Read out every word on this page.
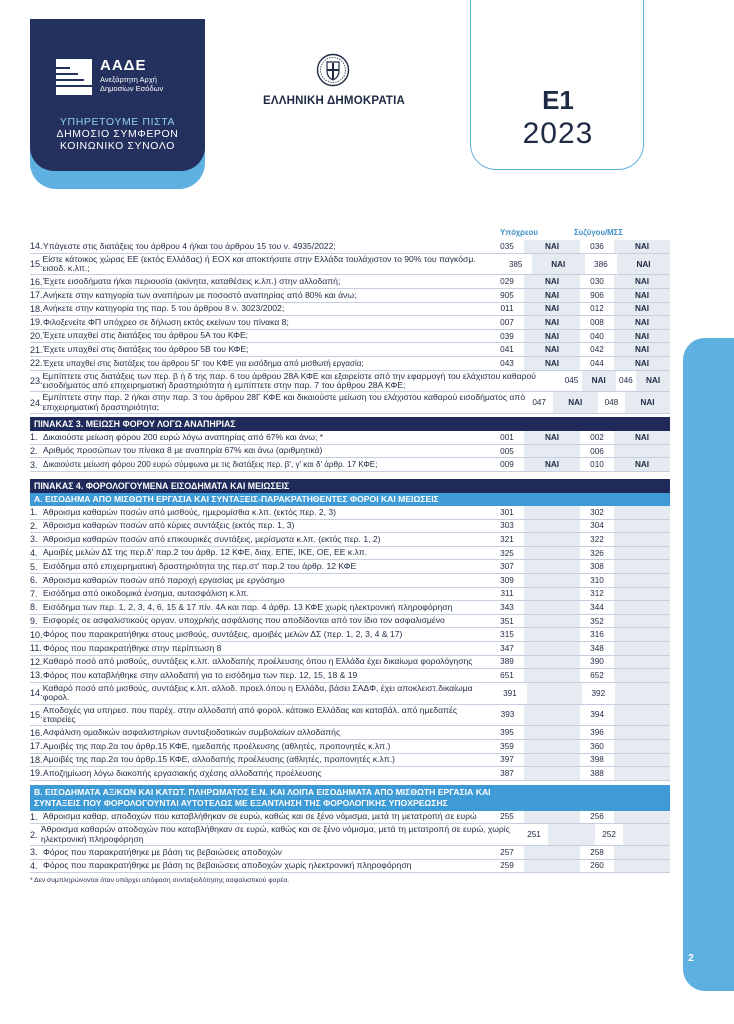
ΑΑΔΕ
Ανεξάρτητη Αρχή
Δημοσίων Εσόδων
ΥΠΗΡΕΤΟΥΜΕ ΠΙΣΤΑ
ΔΗΜΟΣΙΟ ΣΥΜΦΕΡΟΝ
ΚΟΙΝΩΝΙΚΟ ΣΥΝΟΛΟ
ΕΛΛΗΝΙΚΗ ΔΗΜΟΚΡΑΤΙΑ	Ε1
2023
2
Υπόχρεου	Συζύγου/ΜΣΣ
14. Υπάγεστε στις διατάξεις του άρθρου 4 ή/και του άρθρου 15 του ν. 4935/2022;	035	ΝΑΙ	036	ΝΑΙ
15.
Είστε κάτοικος χώρας ΕΕ (εκτός Ελλάδας) ή ΕΟΧ και αποκτήσατε στην Ελλάδα τουλάχιστον το 90% του παγκόσμ. εισοδ. κ.λπ.;	385	ΝΑΙ	386	ΝΑΙ
16. Έχετε εισοδήματα ή/και περιουσία (ακίνητα, καταθέσεις κ.λπ.) στην αλλοδαπή;	029	ΝΑΙ	030	ΝΑΙ
17. Ανήκετε στην κατηγορία των αναπήρων με ποσοστό αναπηρίας από 80% και άνω;	905	ΝΑΙ	906	ΝΑΙ
18. Ανήκετε στην κατηγορία της παρ. 5 του άρθρου 8 ν. 3023/2002;	011	ΝΑΙ	012	ΝΑΙ
19. Φιλοξενείτε ΦΠ υπόχρεο σε δήλωση εκτός εκείνων του πίνακα 8;	007	ΝΑΙ	008	ΝΑΙ
20. Έχετε υπαχθεί στις διατάξεις του άρθρου 5Α του ΚΦΕ;	039	ΝΑΙ	040	ΝΑΙ
21. Έχετε υπαχθεί στις διατάξεις του άρθρου 5Β του ΚΦΕ;	041	ΝΑΙ	042	ΝΑΙ
22. Έχετε υπαχθεί στις διατάξεις του άρθρου 5Γ του ΚΦΕ για εισόδημα από μισθωτή εργασία;	043	ΝΑΙ	044	ΝΑΙ
23.
Εμπίπτετε στις διατάξεις των περ. β ή δ της παρ. 6 του άρθρου 28Α ΚΦΕ και εξαιρείστε από την εφαρμογή του ελάχιστου καθαρού εισοδήματος από επιχειρηματική δραστηριότητα ή εμπίπτετε στην παρ. 7 του άρθρου 28Α ΚΦΕ;	045	ΝΑΙ	046	ΝΑΙ
24.
Εμπίπτετε στην παρ. 2 ή/και στην παρ. 3 του άρθρου 28Γ ΚΦΕ και δικαιούστε μείωση του ελάχιστου καθαρού εισοδήματος από επιχειρηματική δραστηριότητα;	047	ΝΑΙ	048	ΝΑΙ
ΠΙΝΑΚΑΣ 3. ΜΕΙΩΣΗ ΦΟΡΟΥ ΛΟΓΩ ΑΝΑΠΗΡΙΑΣ
1. Δικαιούστε μείωση φόρου 200 ευρώ λόγω αναπηρίας από 67% και άνω; *	001	ΝΑΙ	002	ΝΑΙ
2. Αριθμός προσώπων του πίνακα 8 με αναπηρία 67% και άνω (αριθμητικά)	005	006
3. Δικαιούστε μείωση φόρου 200 ευρώ σύμφωνα με τις διατάξεις περ. β', γ' και δ' άρθρ. 17 ΚΦΕ;	009	ΝΑΙ	010	ΝΑΙ
ΠΙΝΑΚΑΣ 4. ΦΟΡΟΛΟΓΟΥΜΕΝΑ ΕΙΣΟΔΗΜΑΤΑ ΚΑΙ ΜΕΙΩΣΕΙΣ
Α. ΕΙΣΟΔΗΜΑ ΑΠΟ ΜΙΣΘΩΤΗ ΕΡΓΑΣΙΑ ΚΑΙ ΣΥΝΤΑΞΕΙΣ-ΠΑΡΑΚΡΑΤΗΘΕΝΤΕΣ ΦΟΡΟΙ ΚΑΙ ΜΕΙΩΣΕΙΣ
1. Άθροισμα καθαρών ποσών από μισθούς, ημερομίσθια κ.λπ. (εκτός περ. 2, 3)	301	302
2. Άθροισμα καθαρών ποσών από κύριες συντάξεις (εκτός περ. 1, 3)	303	304
3. Άθροισμα καθαρών ποσών από επικουρικές συντάξεις, μερίσματα κ.λπ. (εκτός περ. 1, 2)	321	322
4. Αμοιβές μελών ΔΣ της περ.δ' παρ.2 του άρθρ. 12 ΚΦΕ, διαχ. ΕΠΕ, ΙΚΕ, ΟΕ, ΕΕ κ.λπ.	325	326
5. Εισόδημα από επιχειρηματική δραστηριότητα της περ.στ' παρ.2 του άρθρ. 12 ΚΦΕ	307	308
6. Άθροισμα καθαρών ποσών από παροχή εργασίας με εργόσημο	309	310
7. Εισόδημα από οικοδομικά ένσημα, αυτασφάλιση κ.λπ.	311	312
8. Εισόδημα των περ. 1, 2, 3, 4, 6, 15 & 17 πίν. 4Α και παρ. 4 άρθρ. 13 ΚΦΕ χωρίς ηλεκτρονική πληροφόρηση	343	344
9. Εισφορές σε ασφαλιστικούς οργαν. υποχρ/κής ασφάλισης που αποδίδονται από τον ίδιο τον ασφαλισμένο	351	352
10. Φόρος που παρακρατήθηκε στους μισθούς, συντάξεις, αμοιβές μελών ΔΣ (περ. 1, 2, 3, 4 & 17)	315	316
11. Φόρος που παρακρατήθηκε στην περίπτωση 8	347	348
12. Καθαρό ποσό από μισθούς, συντάξεις κ.λπ. αλλοδαπής προέλευσης όπου η Ελλάδα έχει δικαίωμα φορολόγησης	389	390
13. Φόρος που καταβλήθηκε στην αλλοδαπή για το εισόδημα των περ. 12, 15, 18 & 19	651	652
14.
Καθαρό ποσό από μισθούς, συντάξεις κ.λπ. αλλοδ. προελ.όπου η Ελλάδα, βάσει ΣΑΔΦ, έχει αποκλειστ.δικαίωμα φορολ.	391	392
15.
Αποδοχές για υπηρεσ. που παρέχ. στην αλλοδαπή από φορολ. κάτοικο Ελλάδας και καταβάλ. από ημεδαπές εταιρείες	393	394
16. Ασφάλιση ομαδικών ασφαλιστηρίων συνταξιοδοτικών συμβολαίων αλλοδαπής	395	396
17. Αμοιβές της παρ.2α του άρθρ.15 ΚΦΕ, ημεδαπής προέλευσης (αθλητές, προπονητές κ.λπ.)	359	360
18. Αμοιβές της παρ.2α του άρθρ.15 ΚΦΕ, αλλοδαπής προέλευσης (αθλητές, προπονητές κ.λπ.)	397	398
19. Αποζημίωση λόγω διακοπής εργασιακής σχέσης αλλοδαπής προέλευσης	387	388
Β. ΕΙΣΟΔΗΜΑΤΑ ΑΞ/ΚΩΝ ΚΑΙ ΚΑΤΩΤ. ΠΛΗΡΩΜΑΤΟΣ Ε.Ν. ΚΑΙ ΛΟΙΠΑ ΕΙΣΟΔΗΜΑΤΑ ΑΠΟ ΜΙΣΘΩΤΗ ΕΡΓΑΣΙΑ ΚΑΙ
ΣΥΝΤΑΞΕΙΣ ΠΟΥ ΦΟΡΟΛΟΓΟΥΝΤΑΙ ΑΥΤΟΤΕΛΩΣ ΜΕ ΕΞΑΝΤΛΗΣΗ ΤΗΣ ΦΟΡΟΛΟΓΙΚΗΣ ΥΠΟΧΡΕΩΣΗΣ
1. Άθροισμα καθαρ. αποδοχών που καταβλήθηκαν σε ευρώ, καθώς και σε ξένο νόμισμα, μετά τη μετατροπή σε ευρώ	255	256
2.
Άθροισμα καθαρών αποδοχών που καταβλήθηκαν σε ευρώ, καθώς και σε ξένο νόμισμα, μετά τη μετατροπή σε ευρώ, χωρίς ηλεκτρονική πληροφόρηση	251	252
3. Φόρος που παρακρατήθηκε με βάση τις βεβαιώσεις αποδοχών	257	258
4. Φόρος που παρακρατήθηκε με βάση τις βεβαιώσεις αποδοχών χωρίς ηλεκτρονική πληροφόρηση	259	260
* Δεν συμπληρώνονται όταν υπάρχει απόφαση συνταξιοδότησης ασφαλιστικού φορέα.
